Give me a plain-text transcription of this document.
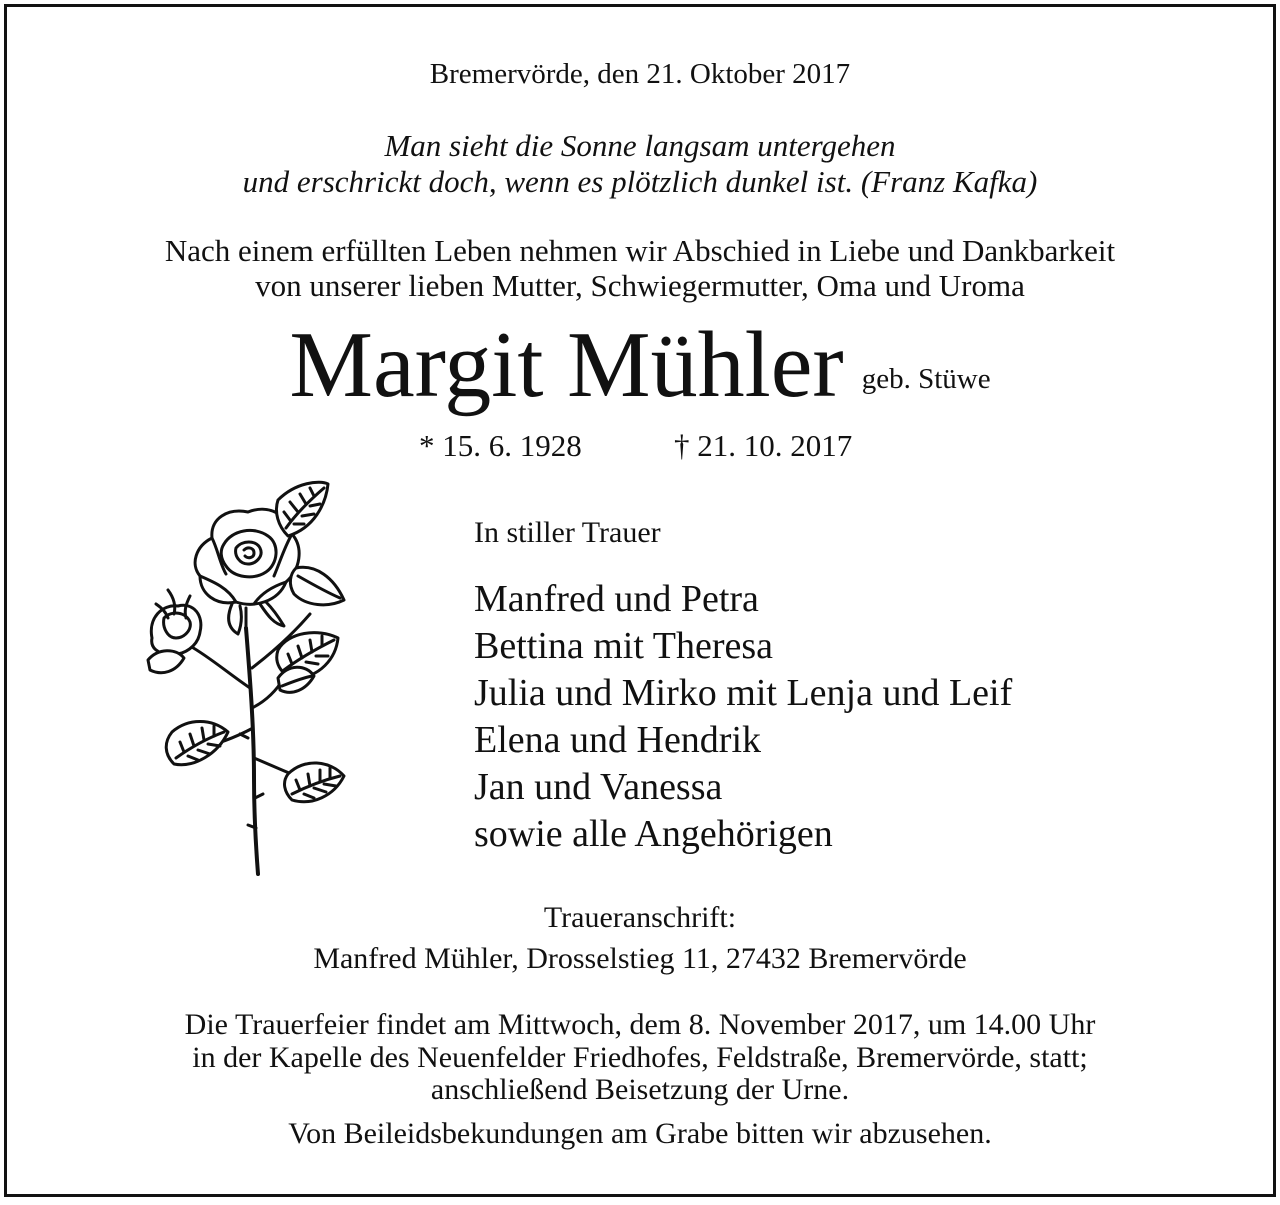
Bremervörde, den 21. Oktober 2017
Man sieht die Sonne langsam untergehen
und erschrickt doch, wenn es plötzlich dunkel ist. (Franz Kafka)
Nach einem erfüllten Leben nehmen wir Abschied in Liebe und Dankbarkeit
von unserer lieben Mutter, Schwiegermutter, Oma und Uroma
Margit Mühler geb. Stüwe
* 15. 6. 1928	† 21. 10. 2017
In stiller Trauer
Manfred und Petra
Bettina mit Theresa
Julia und Mirko mit Lenja und Leif
Elena und Hendrik
Jan und Vanessa
sowie alle Angehörigen
Traueranschrift:
Manfred Mühler, Drosselstieg 11, 27432 Bremervörde
Die Trauerfeier findet am Mittwoch, dem 8. November 2017, um 14.00 Uhr
in der Kapelle des Neuenfelder Friedhofes, Feldstraße, Bremervörde, statt;
anschließend Beisetzung der Urne.
Von Beileidsbekundungen am Grabe bitten wir abzusehen.
